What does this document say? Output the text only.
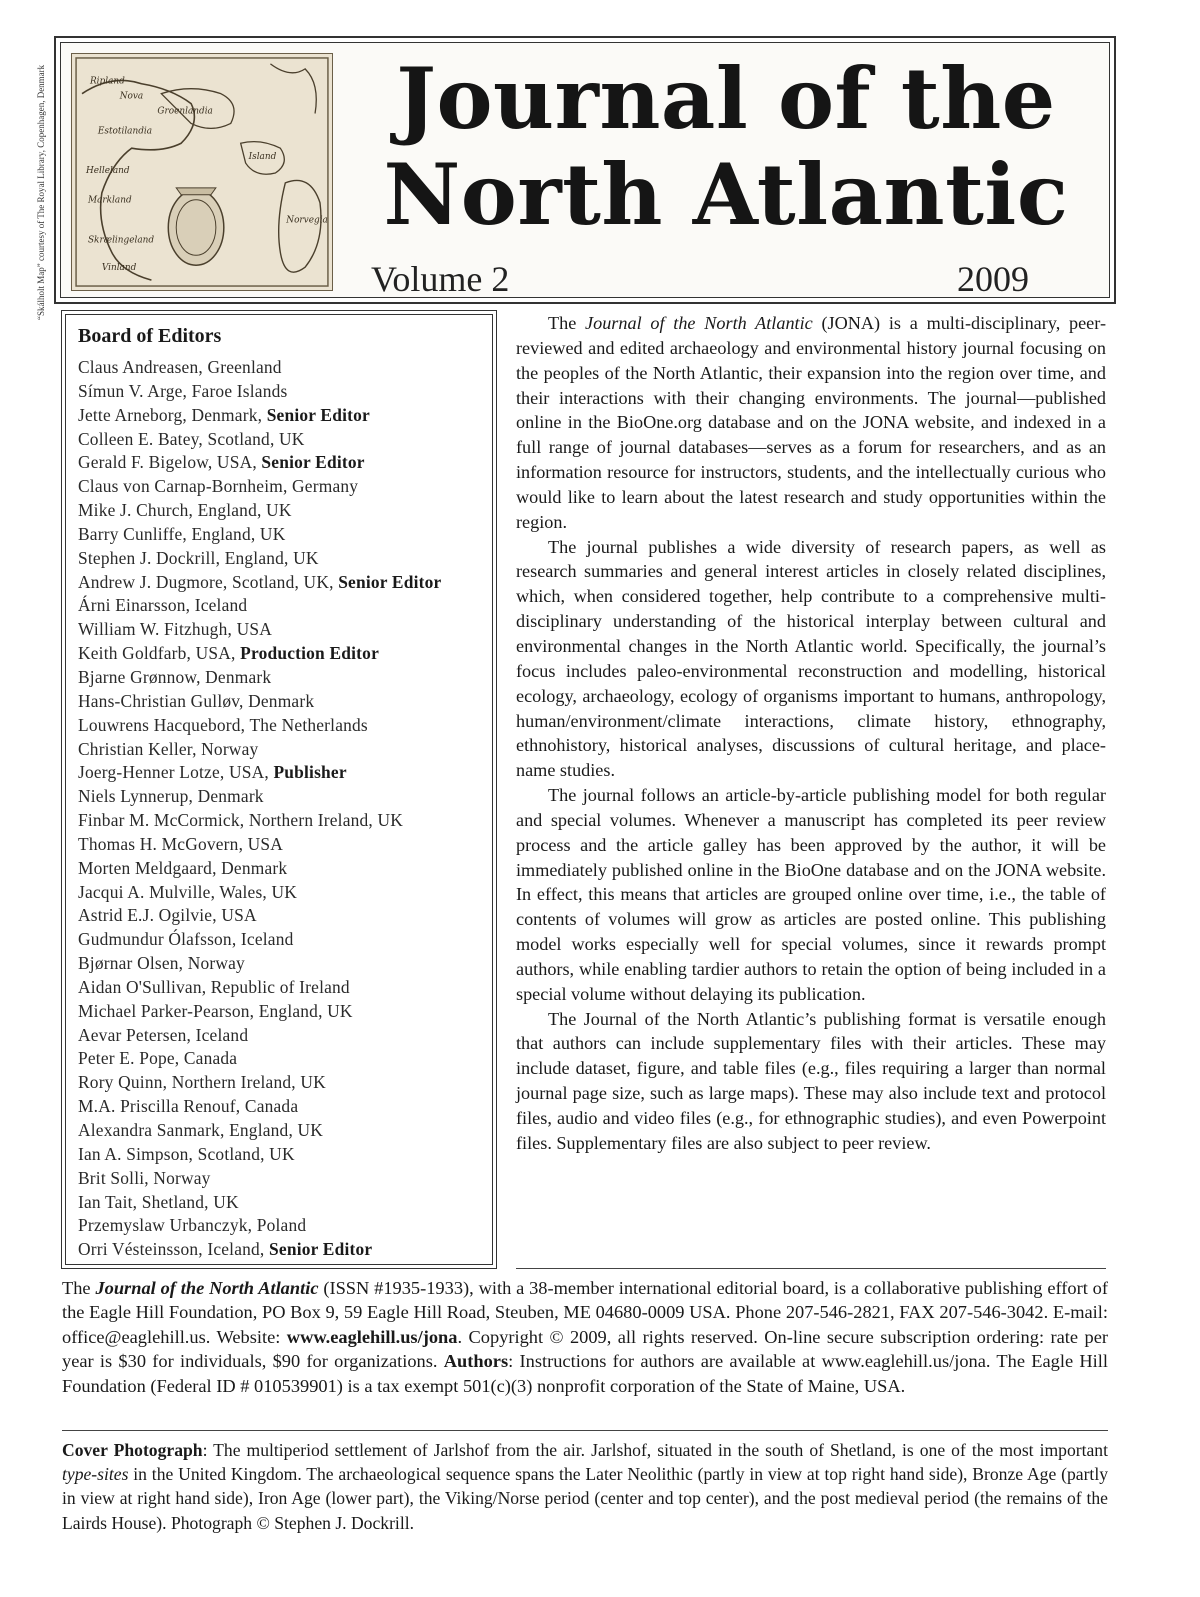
“Skálholt Map” courtesy of The Royal Library, Copenhagen, Denmark	Ripland
Nova
Groenlandia
Estotilandia
Helleland
Markland
Skrælingeland
Vinland
Island
Norvegia
Journal of the
North Atlantic
Volume 2	2009
Board of Editors
Claus Andreasen, Greenland
Símun V. Arge, Faroe Islands
Jette Arneborg, Denmark, Senior Editor
Colleen E. Batey, Scotland, UK
Gerald F. Bigelow, USA, Senior Editor
Claus von Carnap-Bornheim, Germany
Mike J. Church, England, UK
Barry Cunliffe, England, UK
Stephen J. Dockrill, England, UK
Andrew J. Dugmore, Scotland, UK, Senior Editor
Árni Einarsson, Iceland
William W. Fitzhugh, USA
Keith Goldfarb, USA, Production Editor
Bjarne Grønnow, Denmark
Hans-Christian Gulløv, Denmark
Louwrens Hacquebord, The Netherlands
Christian Keller, Norway
Joerg-Henner Lotze, USA, Publisher
Niels Lynnerup, Denmark
Finbar M. McCormick, Northern Ireland, UK
Thomas H. McGovern, USA
Morten Meldgaard, Denmark
Jacqui A. Mulville, Wales, UK
Astrid E.J. Ogilvie, USA
Gudmundur Ólafsson, Iceland
Bjørnar Olsen, Norway
Aidan O'Sullivan, Republic of Ireland
Michael Parker-Pearson, England, UK
Aevar Petersen, Iceland
Peter E. Pope, Canada
Rory Quinn, Northern Ireland, UK
M.A. Priscilla Renouf, Canada
Alexandra Sanmark, England, UK
Ian A. Simpson, Scotland, UK
Brit Solli, Norway
Ian Tait, Shetland, UK
Przemyslaw Urbanczyk, Poland
Orri Vésteinsson, Iceland, Senior Editor

The Journal of the North Atlantic (JONA) is a multi-disciplinary, peer-reviewed and edited archaeology and environmental history journal focusing on the peoples of the North Atlantic, their expansion into the region over time, and their interactions with their changing environments. The journal—published online in the BioOne.org database and on the JONA website, and indexed in a full range of journal databases—serves as a forum for researchers, and as an information resource for instructors, students, and the intellectually curious who would like to learn about the latest research and study opportunities within the region.

The journal publishes a wide diversity of research papers, as well as research summaries and general interest articles in closely related disciplines, which, when considered together, help contribute to a comprehensive multi-disciplinary understanding of the historical interplay between cultural and environmental changes in the North Atlantic world. Specifically, the journal’s focus includes paleo-environmental reconstruction and modelling, historical ecology, archaeology, ecology of organisms important to humans, anthropology, human/environment/climate interactions, climate history, ethnography, ethnohistory, historical analyses, discussions of cultural heritage, and place-name studies.

The journal follows an article-by-article publishing model for both regular and special volumes. Whenever a manuscript has completed its peer review process and the article galley has been approved by the author, it will be immediately published online in the BioOne database and on the JONA website. In effect, this means that articles are grouped online over time, i.e., the table of contents of volumes will grow as articles are posted online. This publishing model works especially well for special volumes, since it rewards prompt authors, while enabling tardier authors to retain the option of being included in a special volume without delaying its publication.

The Journal of the North Atlantic’s publishing format is versatile enough that authors can include supplementary files with their articles. These may include dataset, figure, and table files (e.g., files requiring a larger than normal journal page size, such as large maps). These may also include text and protocol files, audio and video files (e.g., for ethnographic studies), and even Powerpoint files. Supplementary files are also subject to peer review.

The Journal of the North Atlantic (ISSN #1935-1933), with a 38-member international editorial board, is a collaborative publishing effort of the Eagle Hill Foundation, PO Box 9, 59 Eagle Hill Road, Steuben, ME 04680-0009 USA. Phone 207-546-2821, FAX 207-546-3042. E-mail: office@eaglehill.us. Website: www.eaglehill.us/jona. Copyright © 2009, all rights reserved. On-line secure subscription ordering: rate per year is $30 for individuals, $90 for organizations. Authors: Instructions for authors are available at www.eaglehill.us/jona. The Eagle Hill Foundation (Federal ID # 010539901) is a tax exempt 501(c)(3) nonprofit corporation of the State of Maine, USA.
Cover Photograph: The multiperiod settlement of Jarlshof from the air. Jarlshof, situated in the south of Shetland, is one of the most important type-sites in the United Kingdom. The archaeological sequence spans the Later Neolithic (partly in view at top right hand side), Bronze Age (partly in view at right hand side), Iron Age (lower part), the Viking/Norse period (center and top center), and the post medieval period (the remains of the Lairds House). Photograph © Stephen J. Dockrill.
